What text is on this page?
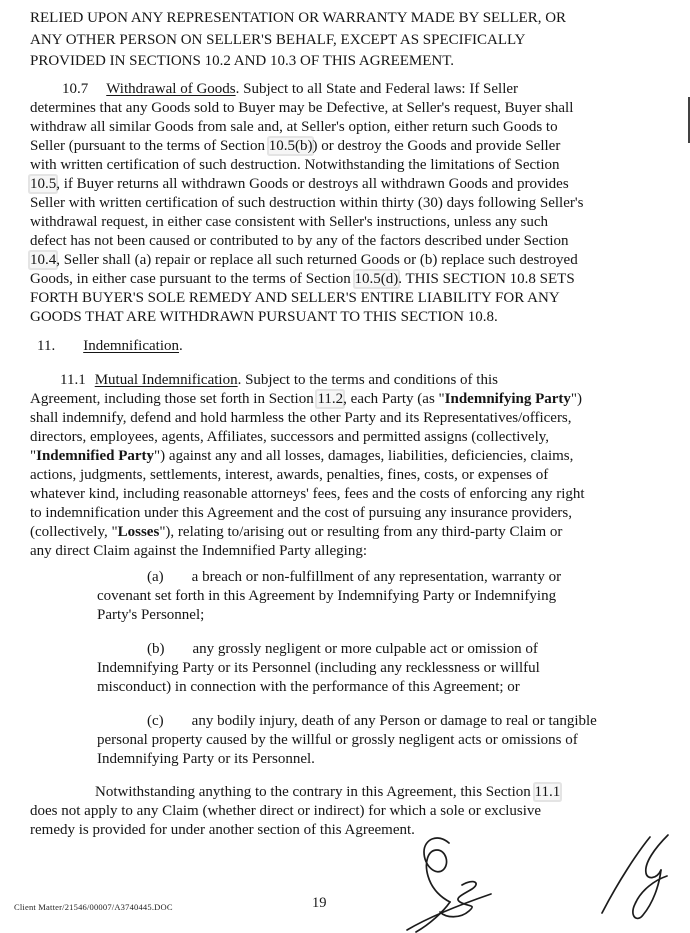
RELIED UPON ANY REPRESENTATION OR WARRANTY MADE BY SELLER, OR
ANY OTHER PERSON ON SELLER'S BEHALF, EXCEPT AS SPECIFICALLY
PROVIDED IN SECTIONS 10.2 AND 10.3 OF THIS AGREEMENT.
10.7 Withdrawal of Goods. Subject to all State and Federal laws: If Seller
determines that any Goods sold to Buyer may be Defective, at Seller's request, Buyer shall
withdraw all similar Goods from sale and, at Seller's option, either return such Goods to
Seller (pursuant to the terms of Section 10.5(b)) or destroy the Goods and provide Seller
with written certification of such destruction. Notwithstanding the limitations of Section
10.5, if Buyer returns all withdrawn Goods or destroys all withdrawn Goods and provides
Seller with written certification of such destruction within thirty (30) days following Seller's
withdrawal request, in either case consistent with Seller's instructions, unless any such
defect has not been caused or contributed to by any of the factors described under Section
10.4, Seller shall (a) repair or replace all such returned Goods or (b) replace such destroyed
Goods, in either case pursuant to the terms of Section 10.5(d). THIS SECTION 10.8 SETS
FORTH BUYER'S SOLE REMEDY AND SELLER'S ENTIRE LIABILITY FOR ANY
GOODS THAT ARE WITHDRAWN PURSUANT TO THIS SECTION 10.8.
11. Indemnification.
11.1 Mutual Indemnification. Subject to the terms and conditions of this
Agreement, including those set forth in Section 11.2, each Party (as "Indemnifying Party")
shall indemnify, defend and hold harmless the other Party and its Representatives/officers,
directors, employees, agents, Affiliates, successors and permitted assigns (collectively,
"Indemnified Party") against any and all losses, damages, liabilities, deficiencies, claims,
actions, judgments, settlements, interest, awards, penalties, fines, costs, or expenses of
whatever kind, including reasonable attorneys' fees, fees and the costs of enforcing any right
to indemnification under this Agreement and the cost of pursuing any insurance providers,
(collectively, "Losses"), relating to/arising out or resulting from any third-party Claim or
any direct Claim against the Indemnified Party alleging:
(a) a breach or non-fulfillment of any representation, warranty or
covenant set forth in this Agreement by Indemnifying Party or Indemnifying
Party's Personnel;
(b) any grossly negligent or more culpable act or omission of
Indemnifying Party or its Personnel (including any recklessness or willful
misconduct) in connection with the performance of this Agreement; or
(c) any bodily injury, death of any Person or damage to real or tangible
personal property caused by the willful or grossly negligent acts or omissions of
Indemnifying Party or its Personnel.
Notwithstanding anything to the contrary in this Agreement, this Section 11.1
does not apply to any Claim (whether direct or indirect) for which a sole or exclusive
remedy is provided for under another section of this Agreement.
Client Matter/21546/00007/A3740445.DOC	19
